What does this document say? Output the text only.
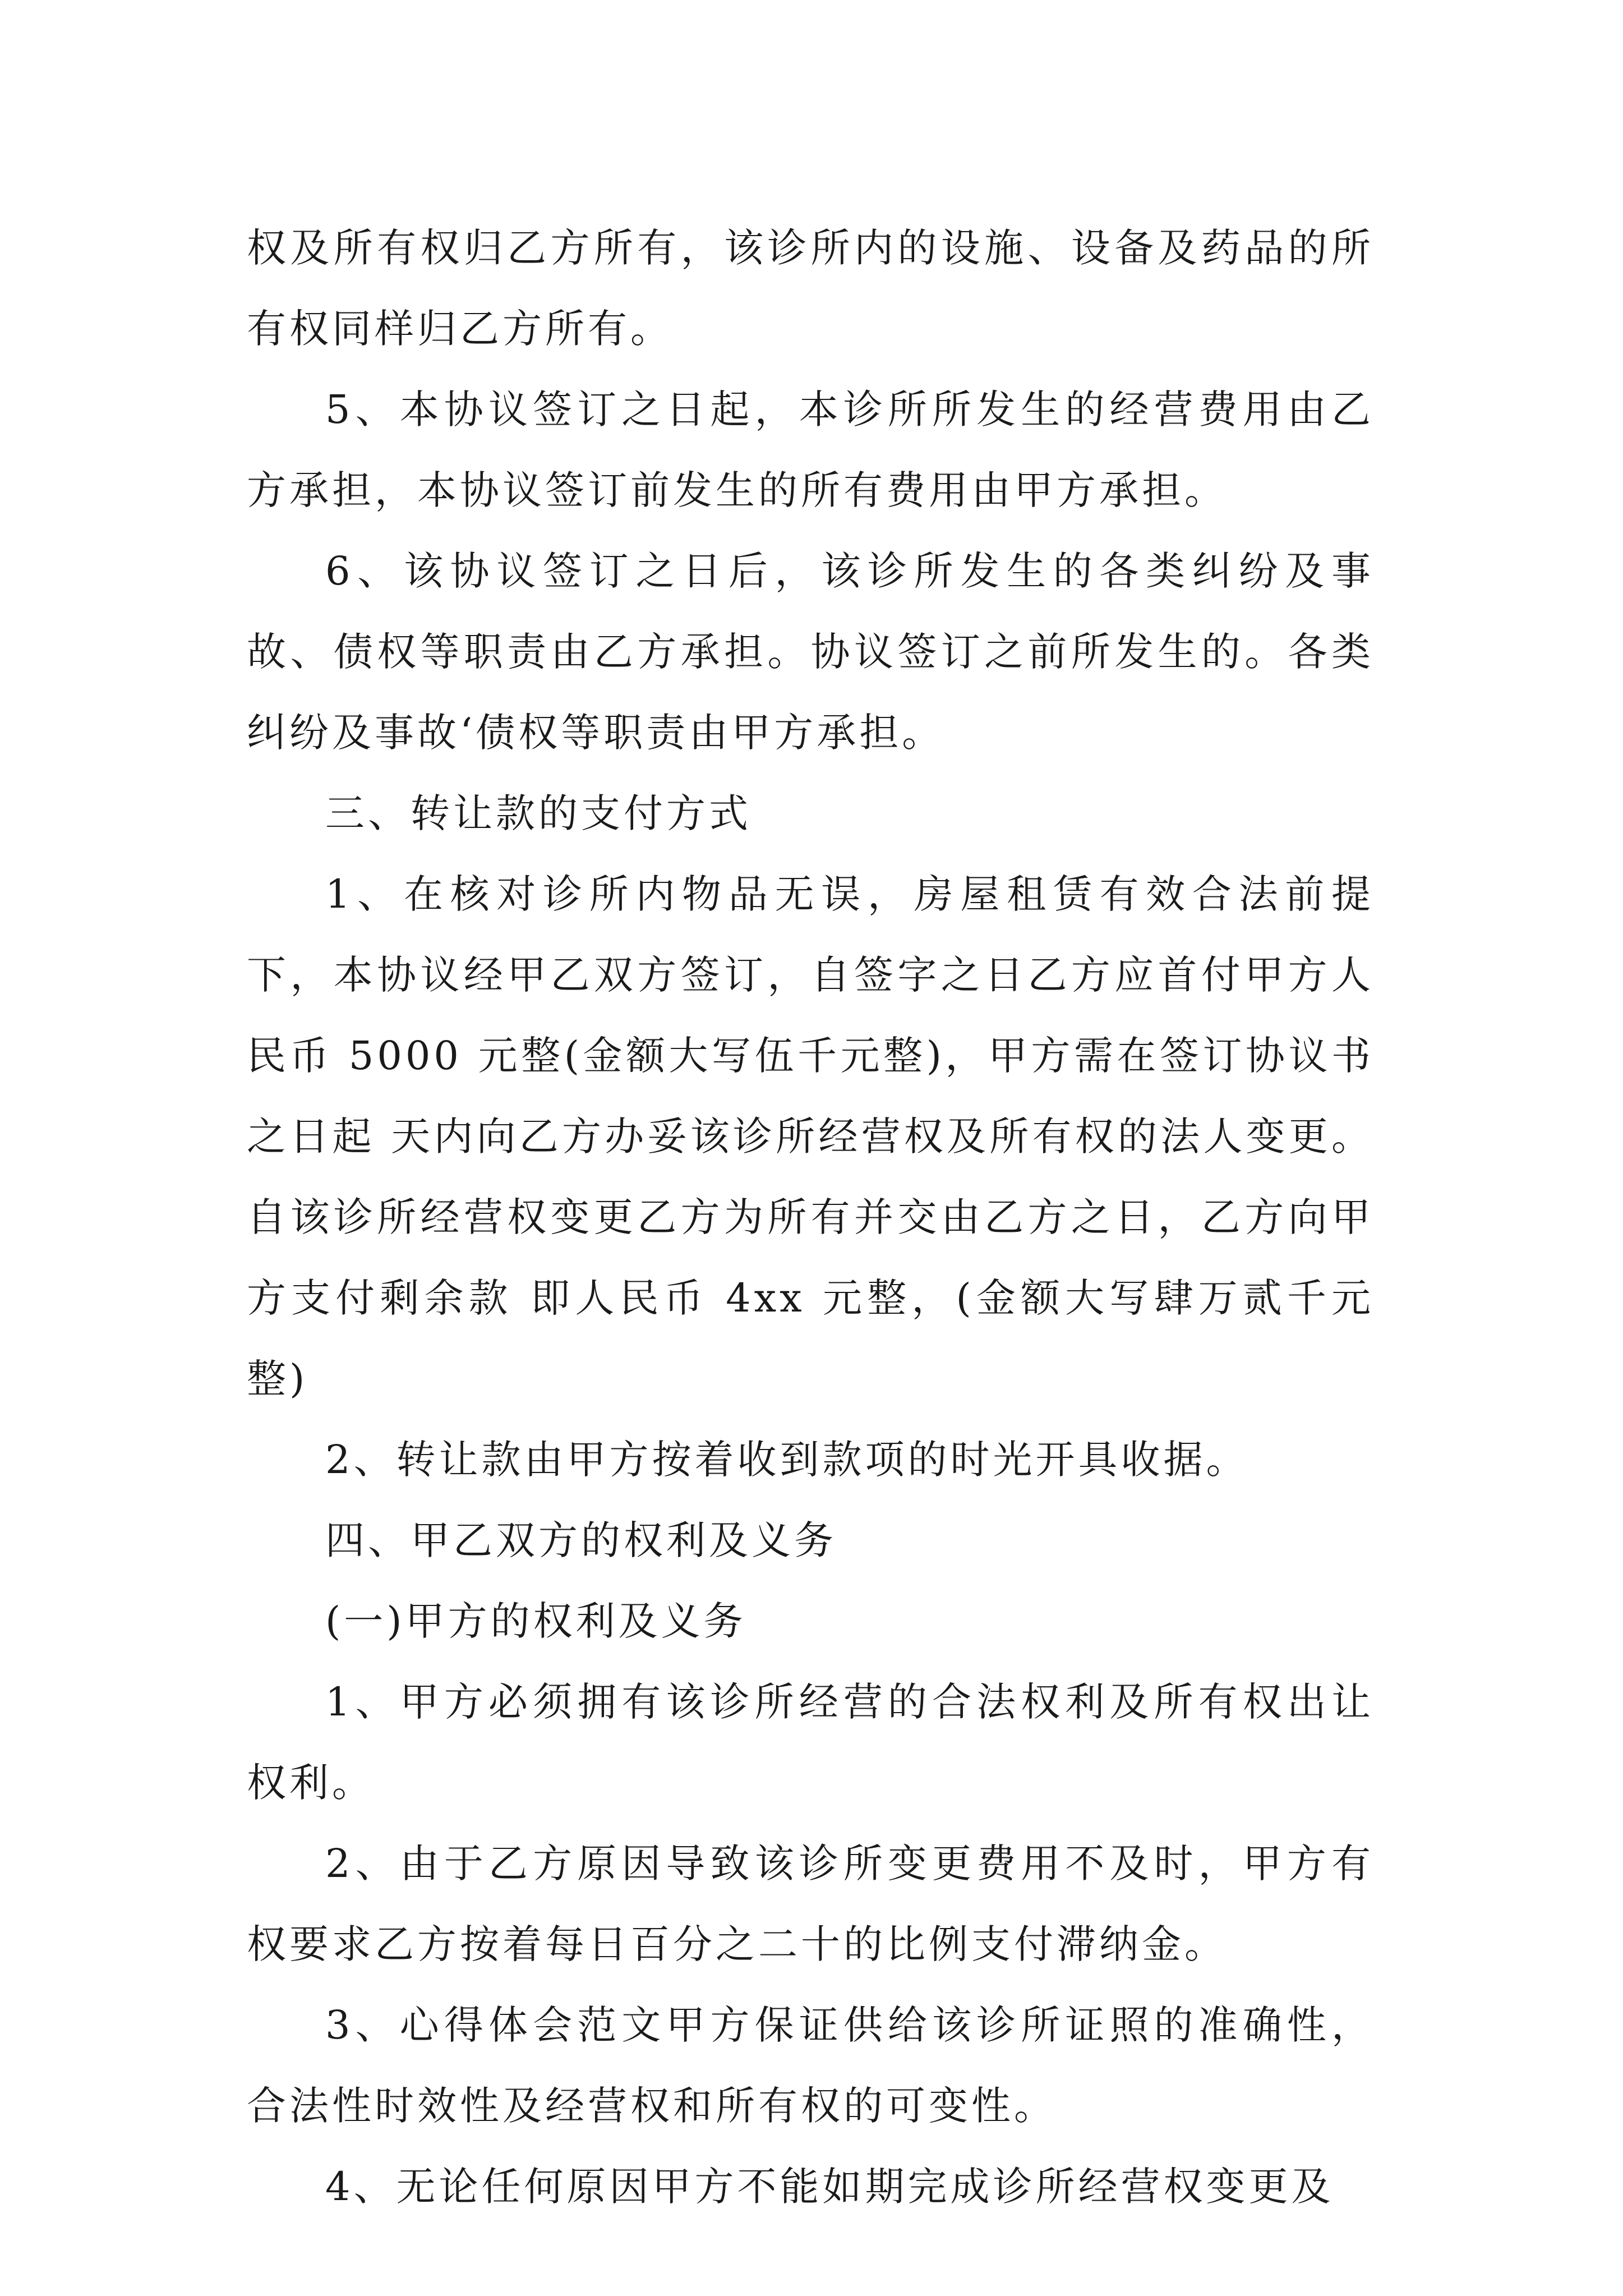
权及所有权归乙方所有，该诊所内的设施、设备及药品的所有权同样归乙方所有。

5、本协议签订之日起，本诊所所发生的经营费用由乙方承担，本协议签订前发生的所有费用由甲方承担。

6、该协议签订之日后，该诊所发生的各类纠纷及事故、债权等职责由乙方承担。协议签订之前所发生的。各类纠纷及事故‘债权等职责由甲方承担。

三、转让款的支付方式

1、在核对诊所内物品无误，房屋租赁有效合法前提下，本协议经甲乙双方签订，自签字之日乙方应首付甲方人民币 5000 元整(金额大写伍千元整)，甲方需在签订协议书之日起 天内向乙方办妥该诊所经营权及所有权的法人变更。自该诊所经营权变更乙方为所有并交由乙方之日，乙方向甲方支付剩余款 即人民币 4xx 元整，(金额大写肆万贰千元整)

2、转让款由甲方按着收到款项的时光开具收据。

四、甲乙双方的权利及义务

(一)甲方的权利及义务

1、甲方必须拥有该诊所经营的合法权利及所有权出让权利。

2、由于乙方原因导致该诊所变更费用不及时，甲方有权要求乙方按着每日百分之二十的比例支付滞纳金。

3、心得体会范文甲方保证供给该诊所证照的准确性，合法性时效性及经营权和所有权的可变性。

4、无论任何原因甲方不能如期完成诊所经营权变更及
